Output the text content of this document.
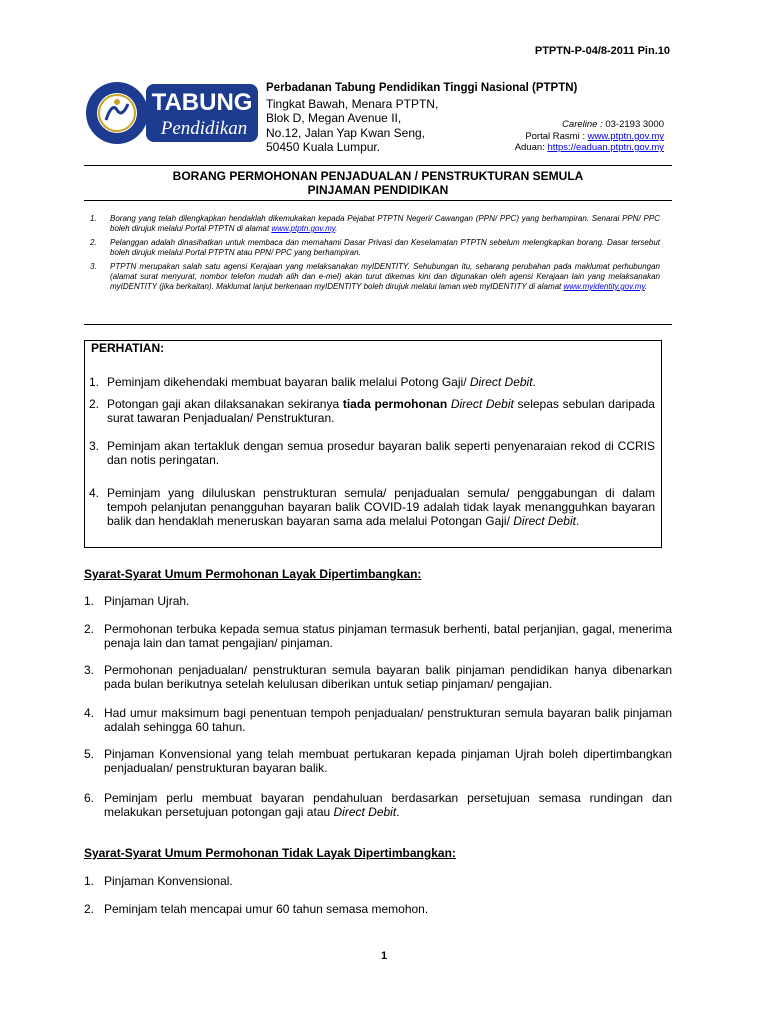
PTPTN-P-04/8-2011 Pin.10
TABUNG
Pendidikan
Perbadanan Tabung Pendidikan Tinggi Nasional (PTPTN)
Tingkat Bawah, Menara PTPTN,
Blok D, Megan Avenue II,
No.12, Jalan Yap Kwan Seng,
50450 Kuala Lumpur.
Careline : 03-2193 3000
Portal Rasmi : www.ptptn.gov.my
Aduan: https://eaduan.ptptn.gov.my
BORANG PERMOHONAN PENJADUALAN / PENSTRUKTURAN SEMULA
PINJAMAN PENDIDIKAN
1.	Borang yang telah dilengkapkan hendaklah dikemukakan kepada Pejabat PTPTN Negeri/ Cawangan (PPN/ PPC) yang berhampiran. Senarai PPN/ PPC boleh dirujuk melalui Portal PTPTN di alamat www.ptptn.gov.my.
2.	Pelanggan adalah dinasihatkan untuk membaca dan memahami Dasar Privasi dan Keselamatan PTPTN sebelum melengkapkan borang. Dasar tersebut boleh dirujuk melalui Portal PTPTN atau PPN/ PPC yang berhampiran.
3.	PTPTN merupakan salah satu agensi Kerajaan yang melaksanakan myIDENTITY. Sehubungan itu, sebarang perubahan pada maklumat perhubungan (alamat surat menyurat, nombor telefon mudah alih dan e-mel) akan turut dikemas kini dan digunakan oleh agensi Kerajaan lain yang melaksanakan myIDENTITY (jika berkaitan). Maklumat lanjut berkenaan myIDENTITY boleh dirujuk melalui laman web myIDENTITY di alamat www.myidentity.gov.my.
PERHATIAN:
1. Peminjam dikehendaki membuat bayaran balik melalui Potong Gaji/ Direct Debit.
2. Potongan gaji akan dilaksanakan sekiranya tiada permohonan Direct Debit selepas sebulan daripada surat tawaran Penjadualan/ Penstrukturan.
3. Peminjam akan tertakluk dengan semua prosedur bayaran balik seperti penyenaraian rekod di CCRIS dan notis peringatan.
4. Peminjam yang diluluskan penstrukturan semula/ penjadualan semula/ penggabungan di dalam tempoh pelanjutan penangguhan bayaran balik COVID-19 adalah tidak layak menangguhkan bayaran balik dan hendaklah meneruskan bayaran sama ada melalui Potongan Gaji/ Direct Debit.
Syarat-Syarat Umum Permohonan Layak Dipertimbangkan:
1. Pinjaman Ujrah.
2. Permohonan terbuka kepada semua status pinjaman termasuk berhenti, batal perjanjian, gagal, menerima penaja lain dan tamat pengajian/ pinjaman.
3. Permohonan penjadualan/ penstrukturan semula bayaran balik pinjaman pendidikan hanya dibenarkan pada bulan berikutnya setelah kelulusan diberikan untuk setiap pinjaman/ pengajian.
4. Had umur maksimum bagi penentuan tempoh penjadualan/ penstrukturan semula bayaran balik pinjaman adalah sehingga 60 tahun.
5. Pinjaman Konvensional yang telah membuat pertukaran kepada pinjaman Ujrah boleh dipertimbangkan penjadualan/ penstrukturan bayaran balik.
6. Peminjam perlu membuat bayaran pendahuluan berdasarkan persetujuan semasa rundingan dan melakukan persetujuan potongan gaji atau Direct Debit.
Syarat-Syarat Umum Permohonan Tidak Layak Dipertimbangkan:
1. Pinjaman Konvensional.
2. Peminjam telah mencapai umur 60 tahun semasa memohon.
1
